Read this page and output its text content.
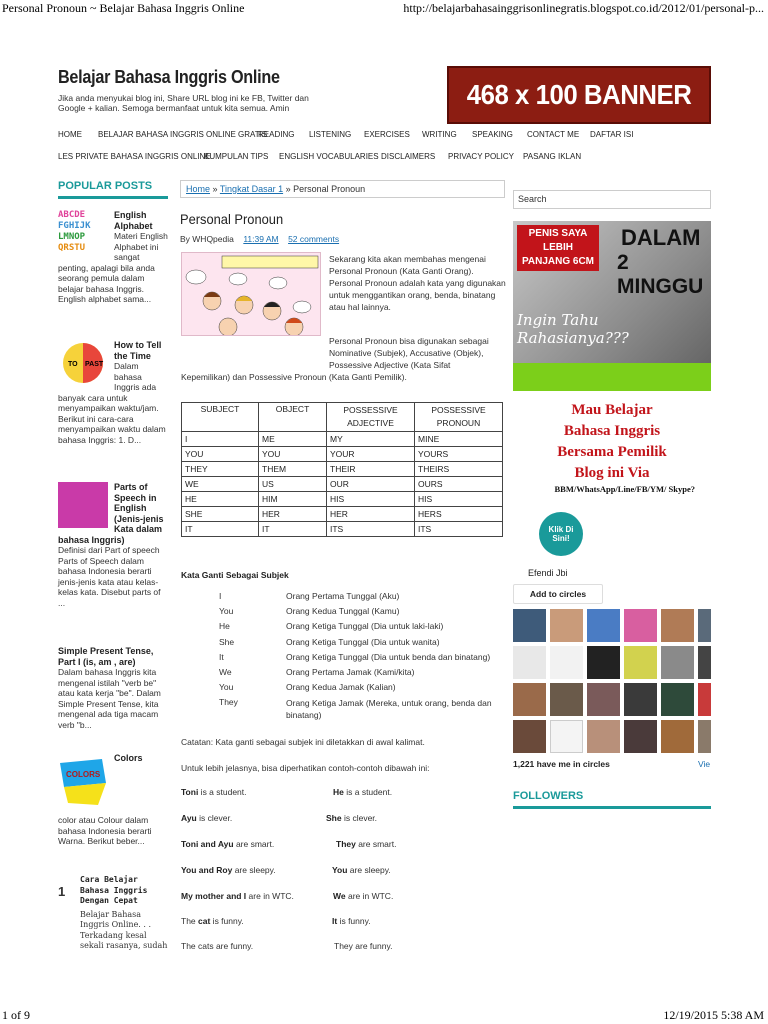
Personal Pronoun ~ Belajar Bahasa Inggris Online	http://belajarbahasainggrisonlinegratis.blogspot.co.id/2012/01/personal-p...
1 of 9	12/19/2015 5:38 AM
Belajar Bahasa Inggris Online
Jika anda menyukai blog ini, Share URL blog ini ke FB, Twitter dan Google + kalian. Semoga bermanfaat untuk kita semua. Amin	468 x 100 BANNER
HOME BELAJAR BAHASA INGGRIS ONLINE GRATIS
READING LISTENING EXERCISES WRITING SPEAKING CONTACT ME DAFTAR ISI
LES PRIVATE BAHASA INGGRIS ONLINE
KUMPULAN TIPS ENGLISH VOCABULARIES DISCLAIMERS PRIVACY POLICY PASANG IKLAN
POPULAR POSTS
ABCDE
FGHIJK
LMNOP
QRSTU
English Alphabet
Materi English Alphabet ini sangat penting, apalagi bila anda seorang pemula dalam belajar bahasa Inggris. English alphabet sama...
TO PAST
How to Tell the Time
Dalam bahasa Inggris ada banyak cara untuk menyampaikan waktu/jam. Berikut ini cara-cara menyampaikan waktu dalam bahasa Inggris: 1. D...
Parts of Speech in English (Jenis-jenis Kata dalam bahasa Inggris)
Definisi dari Part of speech Parts of Speech dalam bahasa Indonesia berarti jenis-jenis kata atau kelas-kelas kata. Disebut parts of ...
Simple Present Tense, Part I (is, am , are)
Dalam bahasa Inggris kita mengenal istilah "verb be" atau kata kerja "be". Dalam Simple Present Tense, kita mengenal ada tiga macam verb "b...
COLORS
Colors
color atau Colour dalam bahasa Indonesia berarti Warna. Berikut beber...
1
Cara Belajar Bahasa Inggris Dengan Cepat
Belajar Bahasa Inggris Online. . . Terkadang kesal sekali rasanya, sudah
Home » Tingkat Dasar 1 » Personal Pronoun
Personal Pronoun
By WHQpedia 11:39 AM 52 comments
Sekarang kita akan membahas mengenai Personal Pronoun (Kata Ganti Orang). Personal Pronoun adalah kata yang digunakan untuk menggantikan orang, benda, binatang atau hal lainnya.
Personal Pronoun bisa digunakan sebagai Nominative (Subjek), Accusative (Objek), Possessive Adjective (Kata Sifat
Kepemilikan) dan Possessive Pronoun (Kata Ganti Pemilik).
SUBJECT	OBJECT	POSSESSIVE ADJECTIVE	POSSESSIVE PRONOUN
I	ME	MY	MINE
YOU	YOU	YOUR	YOURS
THEY	THEM	THEIR	THEIRS
WE	US	OUR	OURS
HE	HIM	HIS	HIS
SHE	HER	HER	HERS
IT	IT	ITS	ITS
Kata Ganti Sebagai Subjek
I	Orang Pertama Tunggal (Aku)
You	Orang Kedua Tunggal (Kamu)
He	Orang Ketiga Tunggal (Dia untuk laki-laki)
She	Orang Ketiga Tunggal (Dia untuk wanita)
It	Orang Ketiga Tunggal (Dia untuk benda dan binatang)
We	Orang Pertama Jamak (Kami/kita)
You	Orang Kedua Jamak (Kalian)
They	Orang Ketiga Jamak (Mereka, untuk orang, benda dan binatang)
Catatan: Kata ganti sebagai subjek ini diletakkan di awal kalimat.
Untuk lebih jelasnya, bisa diperhatikan contoh-contoh dibawah ini:
Toni is a student.	He is a student.
Ayu is clever.	She is clever.
Toni and Ayu are smart.	They are smart.
You and Roy are sleepy.	You are sleepy.
My mother and I are in WTC.	We are in WTC.
The cat is funny.	It is funny.
The cats are funny.	They are funny.
Search
PENIS SAYA LEBIH PANJANG 6CM
DALAM
2 MINGGU
Ingin Tahu Rahasianya???
Mau Belajar
Bahasa Inggris
Bersama Pemilik
Blog ini Via
BBM/WhatsApp/Line/FB/YM/ Skype?
Klik Di Sini!
Efendi Jbi
Add to circles
1,221 have me in circles	Vie
FOLLOWERS
